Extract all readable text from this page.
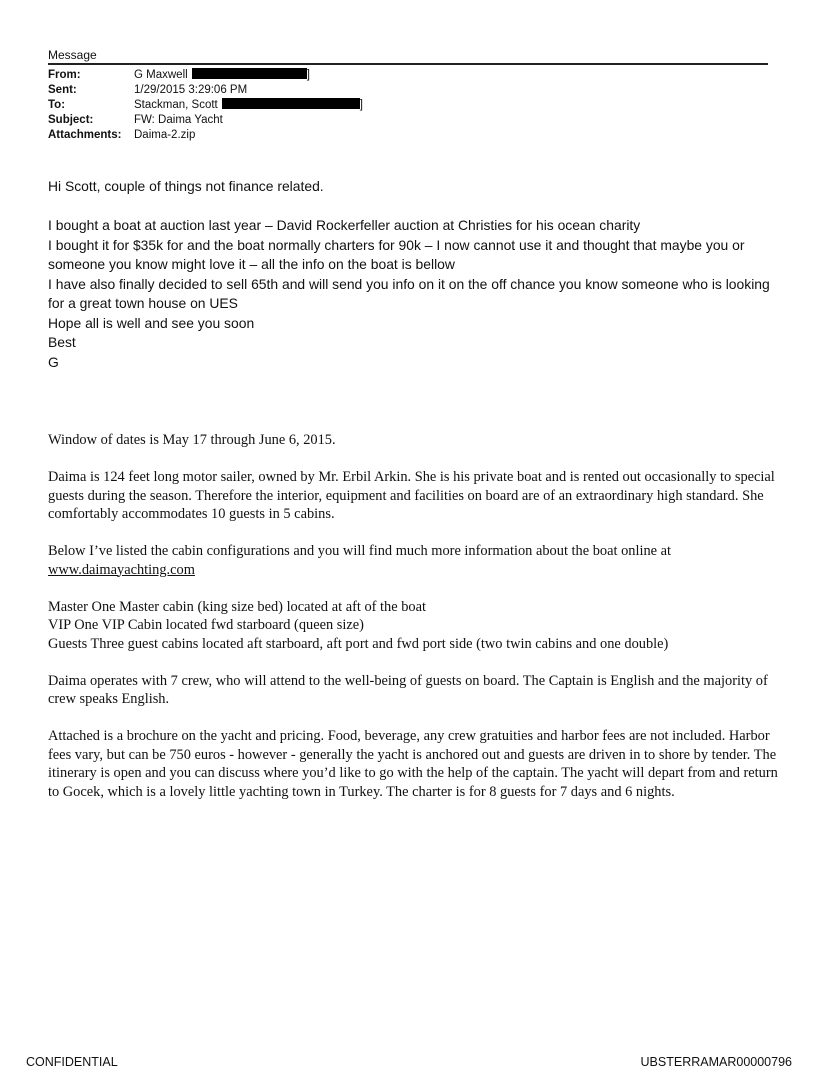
Message
From:	G Maxwell	]
Sent:	1/29/2015 3:29:06 PM
To:	Stackman, Scott	]
Subject:	FW: Daima Yacht
Attachments: Daima-2.zip

Hi Scott, couple of things not finance related.

I bought a boat at auction last year – David Rockerfeller auction at Christies for his ocean charity

I bought it for $35k for and the boat normally charters for 90k – I now cannot use it and thought that maybe you or someone you know might love it – all the info on the boat is bellow

I have also finally decided to sell 65th and will send you info on it on the off chance you know someone who is looking for a great town house on UES

Hope all is well and see you soon

Best

G

Window of dates is May 17 through June 6, 2015.

Daima is 124 feet long motor sailer, owned by Mr. Erbil Arkin. She is his private boat and is rented out occasionally to special guests during the season. Therefore the interior, equipment and facilities on board are of an extraordinary high standard. She comfortably accommodates 10 guests in 5 cabins.

Below I’ve listed the cabin configurations and you will find much more information about the boat online at www.daimayachting.com

Master One Master cabin (king size bed) located at aft of the boat

VIP One VIP Cabin located fwd starboard (queen size)

Guests Three guest cabins located aft starboard, aft port and fwd port side (two twin cabins and one double)

Daima operates with 7 crew, who will attend to the well-being of guests on board. The Captain is English and the majority of crew speaks English.

Attached is a brochure on the yacht and pricing. Food, beverage, any crew gratuities and harbor fees are not included. Harbor fees vary, but can be 750 euros - however - generally the yacht is anchored out and guests are driven in to shore by tender. The itinerary is open and you can discuss where you’d like to go with the help of the captain. The yacht will depart from and return to Gocek, which is a lovely little yachting town in Turkey. The charter is for 8 guests for 7 days and 6 nights.

CONFIDENTIAL	UBSTERRAMAR00000796
